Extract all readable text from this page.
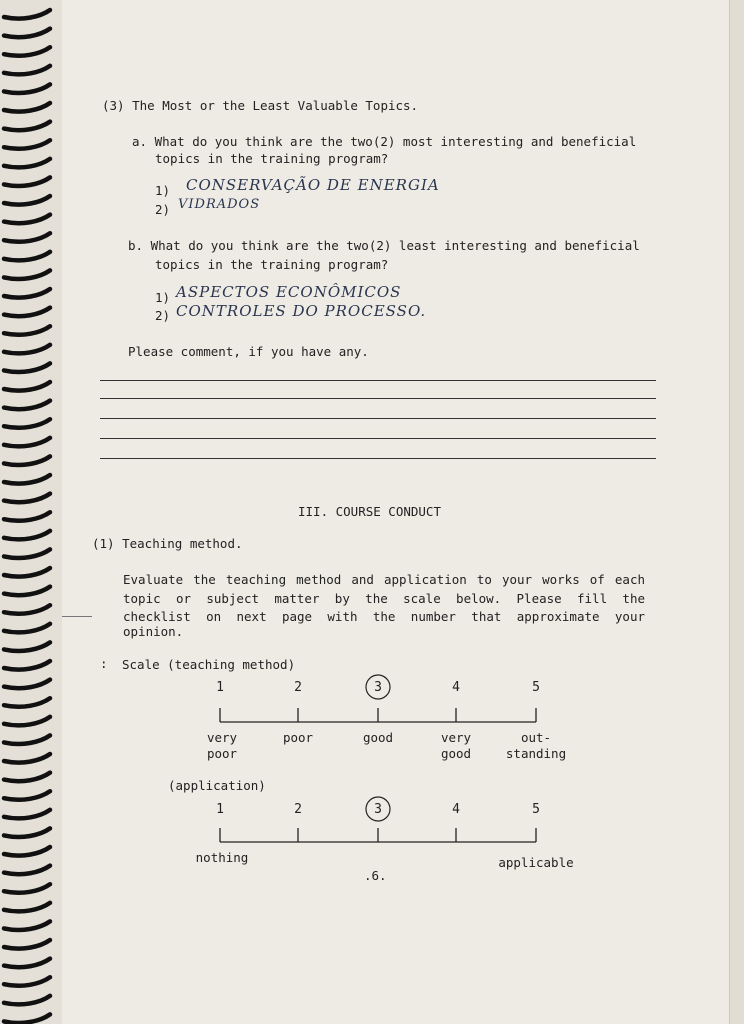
(3) The Most or the Least Valuable Topics.
a. What do you think are the two(2) most interesting and beneficial
topics in the training program?
1) CONSERVAÇÃO DE ENERGIA
2) VIDRADOS
b. What do you think are the two(2) least interesting and beneficial
topics in the training program?
1) ASPECTOS ECONÔMICOS
2) CONTROLES DO PROCESSO.
Please comment, if you have any.
III. COURSE CONDUCT
(1) Teaching method.
Evaluate the teaching method and application to your works of each
topic or subject matter by the scale below. Please fill the
checklist on next page with the number that approximate your
opinion.
: Scale (teaching method)
1	2	3	4	5
very
poor
poor	good	very
good
out-
standing
(application)
1	2	3	4	5
nothing	applicable
.6.
